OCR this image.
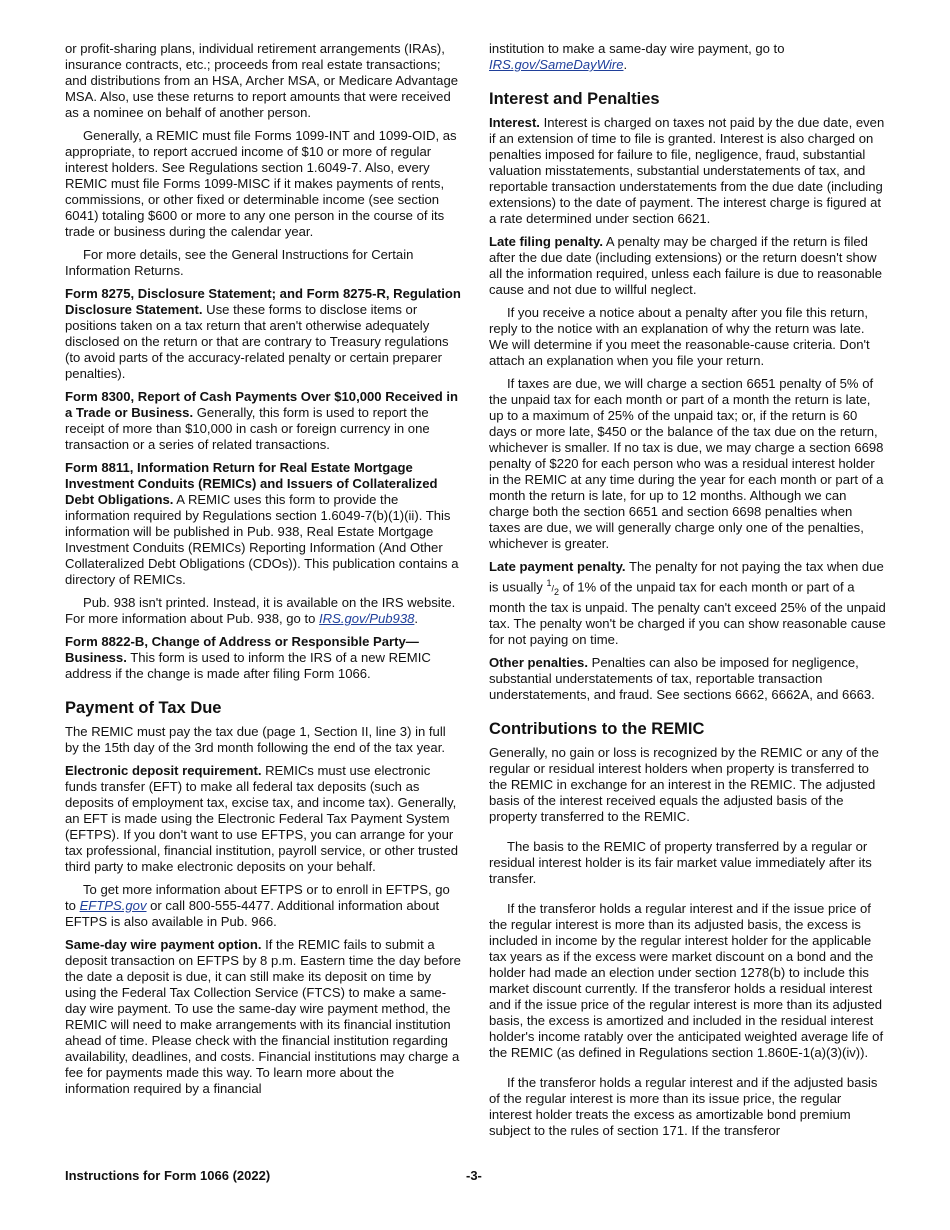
or profit-sharing plans, individual retirement arrangements (IRAs), insurance contracts, etc.; proceeds from real estate transactions; and distributions from an HSA, Archer MSA, or Medicare Advantage MSA. Also, use these returns to report amounts that were received as a nominee on behalf of another person.

Generally, a REMIC must file Forms 1099-INT and 1099-OID, as appropriate, to report accrued income of $10 or more of regular interest holders. See Regulations section 1.6049-7. Also, every REMIC must file Forms 1099-MISC if it makes payments of rents, commissions, or other fixed or determinable income (see section 6041) totaling $600 or more to any one person in the course of its trade or business during the calendar year.

For more details, see the General Instructions for Certain Information Returns.

Form 8275, Disclosure Statement; and Form 8275-R, Regulation Disclosure Statement. Use these forms to disclose items or positions taken on a tax return that aren't otherwise adequately disclosed on the return or that are contrary to Treasury regulations (to avoid parts of the accuracy-related penalty or certain preparer penalties).

Form 8300, Report of Cash Payments Over $10,000 Received in a Trade or Business. Generally, this form is used to report the receipt of more than $10,000 in cash or foreign currency in one transaction or a series of related transactions.

Form 8811, Information Return for Real Estate Mortgage Investment Conduits (REMICs) and Issuers of Collateralized Debt Obligations. A REMIC uses this form to provide the information required by Regulations section 1.6049-7(b)(1)(ii). This information will be published in Pub. 938, Real Estate Mortgage Investment Conduits (REMICs) Reporting Information (And Other Collateralized Debt Obligations (CDOs)). This publication contains a directory of REMICs.

Pub. 938 isn't printed. Instead, it is available on the IRS website. For more information about Pub. 938, go to IRS.gov/Pub938.

Form 8822-B, Change of Address or Responsible Party—Business. This form is used to inform the IRS of a new REMIC address if the change is made after filing Form 1066.

Payment of Tax Due

The REMIC must pay the tax due (page 1, Section II, line 3) in full by the 15th day of the 3rd month following the end of the tax year.

Electronic deposit requirement. REMICs must use electronic funds transfer (EFT) to make all federal tax deposits (such as deposits of employment tax, excise tax, and income tax). Generally, an EFT is made using the Electronic Federal Tax Payment System (EFTPS). If you don't want to use EFTPS, you can arrange for your tax professional, financial institution, payroll service, or other trusted third party to make electronic deposits on your behalf.

To get more information about EFTPS or to enroll in EFTPS, go to EFTPS.gov or call 800-555-4477. Additional information about EFTPS is also available in Pub. 966.

Same-day wire payment option. If the REMIC fails to submit a deposit transaction on EFTPS by 8 p.m. Eastern time the day before the date a deposit is due, it can still make its deposit on time by using the Federal Tax Collection Service (FTCS) to make a same-day wire payment. To use the same-day wire payment method, the REMIC will need to make arrangements with its financial institution ahead of time. Please check with the financial institution regarding availability, deadlines, and costs. Financial institutions may charge a fee for payments made this way. To learn more about the information required by a financial

institution to make a same-day wire payment, go to IRS.gov/SameDayWire.

Interest and Penalties

Interest. Interest is charged on taxes not paid by the due date, even if an extension of time to file is granted. Interest is also charged on penalties imposed for failure to file, negligence, fraud, substantial valuation misstatements, substantial understatements of tax, and reportable transaction understatements from the due date (including extensions) to the date of payment. The interest charge is figured at a rate determined under section 6621.

Late filing penalty. A penalty may be charged if the return is filed after the due date (including extensions) or the return doesn't show all the information required, unless each failure is due to reasonable cause and not due to willful neglect.

If you receive a notice about a penalty after you file this return, reply to the notice with an explanation of why the return was late. We will determine if you meet the reasonable-cause criteria. Don't attach an explanation when you file your return.

If taxes are due, we will charge a section 6651 penalty of 5% of the unpaid tax for each month or part of a month the return is late, up to a maximum of 25% of the unpaid tax; or, if the return is 60 days or more late, $450 or the balance of the tax due on the return, whichever is smaller. If no tax is due, we may charge a section 6698 penalty of $220 for each person who was a residual interest holder in the REMIC at any time during the year for each month or part of a month the return is late, for up to 12 months. Although we can charge both the section 6651 and section 6698 penalties when taxes are due, we will generally charge only one of the penalties, whichever is greater.

Late payment penalty. The penalty for not paying the tax when due is usually $^1/_2$ of 1% of the unpaid tax for each month or part of a month the tax is unpaid. The penalty can't exceed 25% of the unpaid tax. The penalty won't be charged if you can show reasonable cause for not paying on time.

Other penalties. Penalties can also be imposed for negligence, substantial understatements of tax, reportable transaction understatements, and fraud. See sections 6662, 6662A, and 6663.

Contributions to the REMIC

Generally, no gain or loss is recognized by the REMIC or any of the regular or residual interest holders when property is transferred to the REMIC in exchange for an interest in the REMIC. The adjusted basis of the interest received equals the adjusted basis of the property transferred to the REMIC.

The basis to the REMIC of property transferred by a regular or residual interest holder is its fair market value immediately after its transfer.

If the transferor holds a regular interest and if the issue price of the regular interest is more than its adjusted basis, the excess is included in income by the regular interest holder for the applicable tax years as if the excess were market discount on a bond and the holder had made an election under section 1278(b) to include this market discount currently. If the transferor holds a residual interest and if the issue price of the regular interest is more than its adjusted basis, the excess is amortized and included in the residual interest holder's income ratably over the anticipated weighted average life of the REMIC (as defined in Regulations section 1.860E-1(a)(3)(iv)).

If the transferor holds a regular interest and if the adjusted basis of the regular interest is more than its issue price, the regular interest holder treats the excess as amortizable bond premium subject to the rules of section 171. If the transferor

Instructions for Form 1066 (2022)	-3-
